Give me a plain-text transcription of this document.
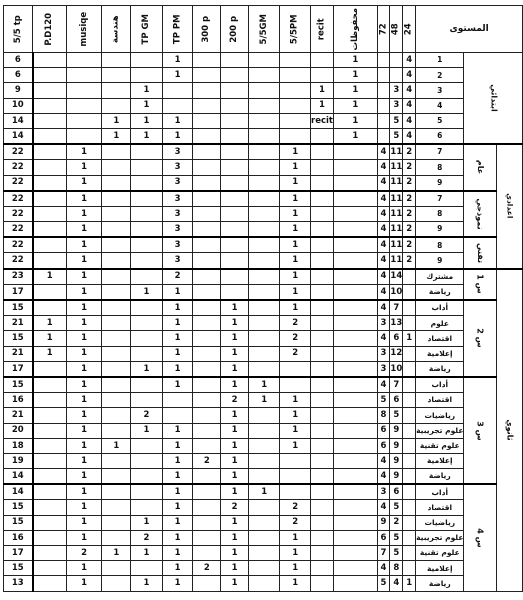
5/5 tp	P.D120	musiqe	هندسة	TP GM	TP PM	300 p	200 p	5/5GM	5/5PM	recit	محفوظات	72	48	24	المستوى		
6					1						1			4	1	ابتدائي	
6					1						1			4	2		
9				1						1	1		3	4	3		
10				1						1	1		3	4	4		
14			1	1	1					recit	1		5	4	5		
14			1	1	1						1		5	4	6		
22		1			3				1			4	11	2	7	عام	اعدادي
22		1			3				1			4	11	2	8		
22		1			3				1			4	11	2	9		
22		1			3				1			4	11	2	7	نموذجي	
22		1			3				1			4	11	2	8		
22		1			3				1			4	11	2	9		
22		1			3				1			4	11	2	8	تقني	
22		1			3				1			4	11	2	9		
23	1	1			2				1			4	14		مشترك	س 1	ثانوي
17		1		1	1				1			4	10		رياضة		
15		1			1		1		1			4	7		أداب	س 2	
21	1	1			1		1		2			3	13		علوم		
15	1	1			1		1		2			4	6	1	اقتصاد		
21	1	1			1		1		2			3	12		إعلامية		
17		1		1	1		1					3	10		رياضة		
15		1			1		1	1				4	7		أداب	س 3	
16		1					2	1	1			5	6		اقتصاد		
21		1		2			1		1			8	5		رياضيات		
20		1		1	1		1		1			6	9		علوم تجريبية		
18		1	1		1		1		1			6	9		علوم تقنية		
19		1			1	2	1					4	9		إعلامية		
14		1			1		1					4	9		رياضة		
14		1			1		1	1				3	6		أداب	س 4	
15		1			1		2		2			4	5		اقتصاد		
15		1		1	1		1		2			9	2		رياضيات		
16		1		2	1		1		1			6	5		علوم تجريبية		
17		2	1	1	1		1		1			7	5		علوم تقنية		
15		1			1	2	1		1			4	8		إعلامية		
13		1		1	1		1		1			5	4	1	رياضة		
